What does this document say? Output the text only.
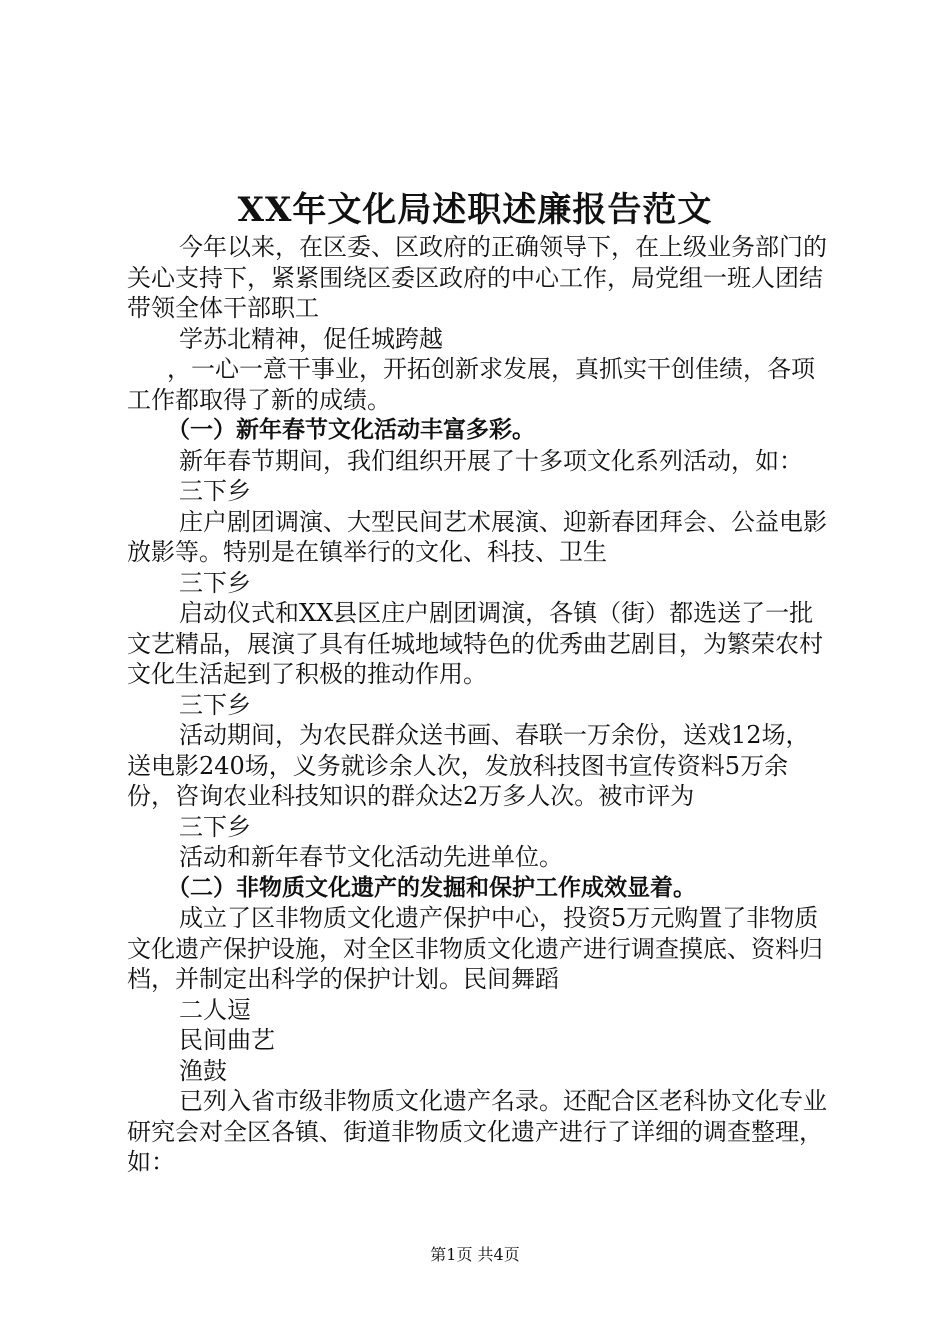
XX年文化局述职述廉报告范文

今年以来，在区委、区政府的正确领导下，在上级业务部门的关心支持下，紧紧围绕区委区政府的中心工作，局党组一班人团结带领全体干部职工

学苏北精神，促任城跨越

，一心一意干事业，开拓创新求发展，真抓实干创佳绩，各项工作都取得了新的成绩。

（一）新年春节文化活动丰富多彩。

新年春节期间，我们组织开展了十多项文化系列活动，如：

三下乡

庄户剧团调演、大型民间艺术展演、迎新春团拜会、公益电影放影等。特别是在镇举行的文化、科技、卫生

三下乡

启动仪式和XX县区庄户剧团调演，各镇（街）都选送了一批文艺精品，展演了具有任城地域特色的优秀曲艺剧目，为繁荣农村文化生活起到了积极的推动作用。

三下乡

活动期间，为农民群众送书画、春联一万余份，送戏12场，送电影240场，义务就诊余人次，发放科技图书宣传资料5万余份，咨询农业科技知识的群众达2万多人次。被市评为

三下乡

活动和新年春节文化活动先进单位。

（二）非物质文化遗产的发掘和保护工作成效显着。

成立了区非物质文化遗产保护中心，投资5万元购置了非物质文化遗产保护设施，对全区非物质文化遗产进行调查摸底、资料归档，并制定出科学的保护计划。民间舞蹈

二人逗

民间曲艺

渔鼓

已列入省市级非物质文化遗产名录。还配合区老科协文化专业研究会对全区各镇、街道非物质文化遗产进行了详细的调查整理，如：

第1页 共4页
